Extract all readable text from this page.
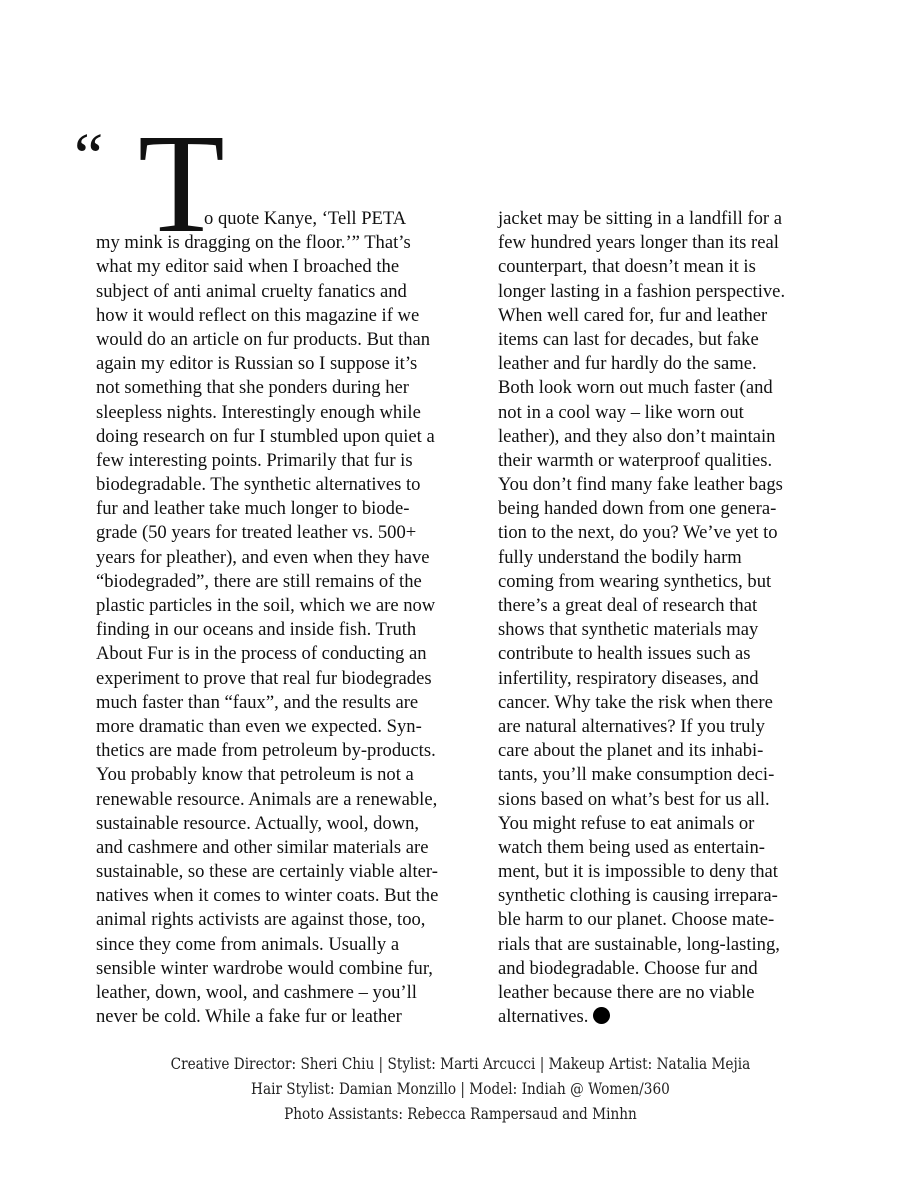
“ T
o quote Kanye, ‘Tell PETA
my mink is dragging on the floor.’” That’s
what my editor said when I broached the
subject of anti animal cruelty fanatics and
how it would reflect on this magazine if we
would do an article on fur products. But than
again my editor is Russian so I suppose it’s
not something that she ponders during her
sleepless nights. Interestingly enough while
doing research on fur I stumbled upon quiet a
few interesting points. Primarily that fur is
biodegradable. The synthetic alternatives to
fur and leather take much longer to biode-
grade (50 years for treated leather vs. 500+
years for pleather), and even when they have
“biodegraded”, there are still remains of the
plastic particles in the soil, which we are now
finding in our oceans and inside fish. Truth
About Fur is in the process of conducting an
experiment to prove that real fur biodegrades
much faster than “faux”, and the results are
more dramatic than even we expected. Syn-
thetics are made from petroleum by-products.
You probably know that petroleum is not a
renewable resource. Animals are a renewable,
sustainable resource. Actually, wool, down,
and cashmere and other similar materials are
sustainable, so these are certainly viable alter-
natives when it comes to winter coats. But the
animal rights activists are against those, too,
since they come from animals. Usually a
sensible winter wardrobe would combine fur,
leather, down, wool, and cashmere – you’ll
never be cold. While a fake fur or leather
jacket may be sitting in a landfill for a
few hundred years longer than its real
counterpart, that doesn’t mean it is
longer lasting in a fashion perspective.
When well cared for, fur and leather
items can last for decades, but fake
leather and fur hardly do the same.
Both look worn out much faster (and
not in a cool way – like worn out
leather), and they also don’t maintain
their warmth or waterproof qualities.
You don’t find many fake leather bags
being handed down from one genera-
tion to the next, do you? We’ve yet to
fully understand the bodily harm
coming from wearing synthetics, but
there’s a great deal of research that
shows that synthetic materials may
contribute to health issues such as
infertility, respiratory diseases, and
cancer. Why take the risk when there
are natural alternatives? If you truly
care about the planet and its inhabi-
tants, you’ll make consumption deci-
sions based on what’s best for us all.
You might refuse to eat animals or
watch them being used as entertain-
ment, but it is impossible to deny that
synthetic clothing is causing irrepara-
ble harm to our planet. Choose mate-
rials that are sustainable, long-lasting,
and biodegradable. Choose fur and
leather because there are no viable
alternatives.
Creative Director: Sheri Chiu | Stylist: Marti Arcucci | Makeup Artist: Natalia Mejia
Hair Stylist: Damian Monzillo | Model: Indiah @ Women/360
Photo Assistants: Rebecca Rampersaud and Minhn
